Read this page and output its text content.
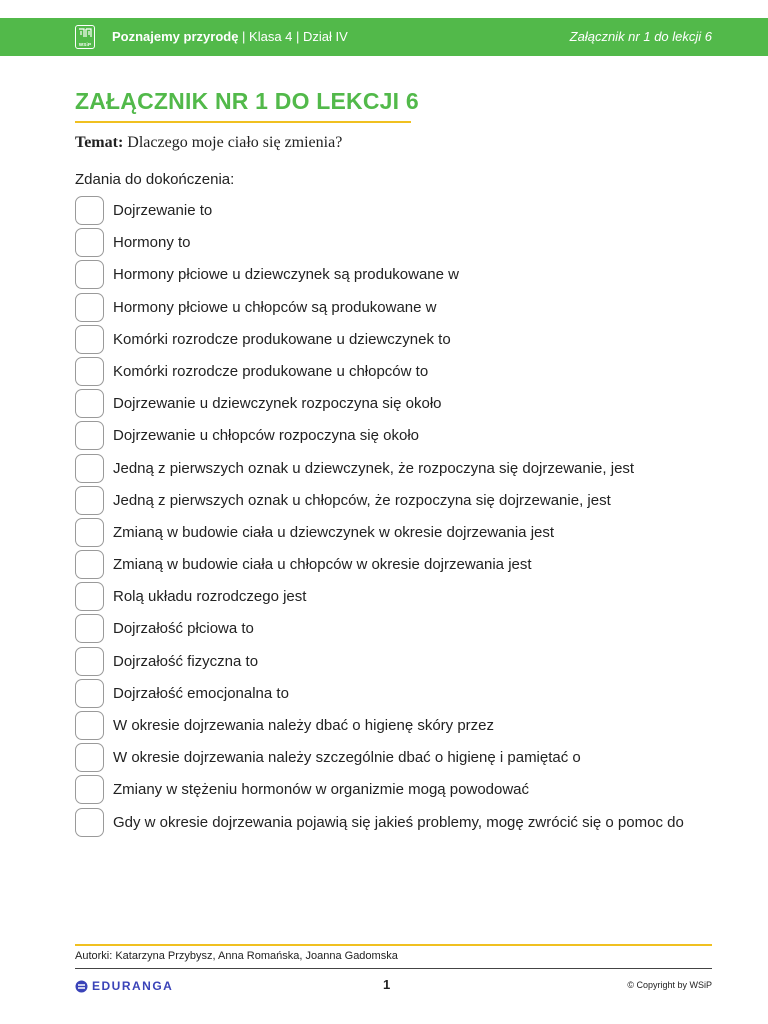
WSiP
Poznajemy przyrodę | Klasa 4 | Dział IV	Załącznik nr 1 do lekcji 6
ZAŁĄCZNIK NR 1 DO LEKCJI 6
Temat: Dlaczego moje ciało się zmienia?
Zdania do dokończenia:
Dojrzewanie to
Hormony to
Hormony płciowe u dziewczynek są produkowane w
Hormony płciowe u chłopców są produkowane w
Komórki rozrodcze produkowane u dziewczynek to
Komórki rozrodcze produkowane u chłopców to
Dojrzewanie u dziewczynek rozpoczyna się około
Dojrzewanie u chłopców rozpoczyna się około
Jedną z pierwszych oznak u dziewczynek, że rozpoczyna się dojrzewanie, jest
Jedną z pierwszych oznak u chłopców, że rozpoczyna się dojrzewanie, jest
Zmianą w budowie ciała u dziewczynek w okresie dojrzewania jest
Zmianą w budowie ciała u chłopców w okresie dojrzewania jest
Rolą układu rozrodczego jest
Dojrzałość płciowa to
Dojrzałość fizyczna to
Dojrzałość emocjonalna to
W okresie dojrzewania należy dbać o higienę skóry przez
W okresie dojrzewania należy szczególnie dbać o higienę i pamiętać o
Zmiany w stężeniu hormonów w organizmie mogą powodować
Gdy w okresie dojrzewania pojawią się jakieś problemy, mogę zwrócić się o pomoc do
Autorki: Katarzyna Przybysz, Anna Romańska, Joanna Gadomska
EDURANGA	1	© Copyright by WSiP
